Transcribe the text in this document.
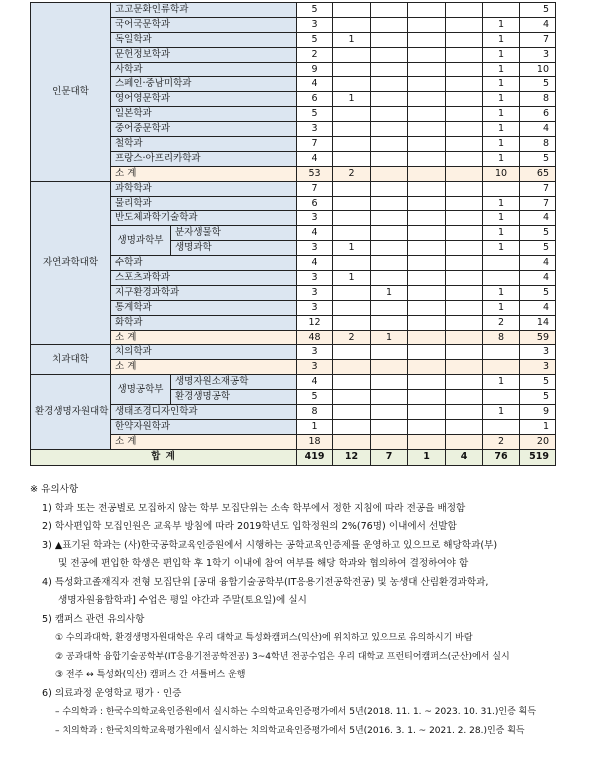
인문대학	고고문화인류학과		5						5
	국어국문학과		3					1	4
	독일학과		5	1				1	7
	문헌정보학과		2					1	3
	사학과		9					1	10
	스페인·중남미학과		4					1	5
	영어영문학과		6	1				1	8
	일본학과		5					1	6
	중어중문학과		3					1	4
	철학과		7					1	8
	프랑스·아프리카학과		4					1	5
	소 계		53	2				10	65
자연과학대학	과학학과		7						7
	물리학과		6					1	7
	반도체과학기술학과		3					1	4
	생명과학부	분자생물학	4					1	5
		생명과학	3	1				1	5
	수학과		4						4
	스포츠과학과		3	1					4
	지구환경과학과		3		1			1	5
	통계학과		3					1	4
	화학과		12					2	14
	소 계		48	2	1			8	59
치과대학	치의학과		3						3
	소 계		3						3
환경생명자원대학	생명공학부	생명자원소재공학	4					1	5
		환경생명공학	5						5
	생태조경디자인학과		8					1	9
	한약자원학과		1						1
	소 계		18					2	20
합 계			419	12	7	1	4	76	519
※ 유의사항
1) 학과 또는 전공별로 모집하지 않는 학부 모집단위는 소속 학부에서 정한 지침에 따라 전공을 배정함
2) 학사편입학 모집인원은 교육부 방침에 따라 2019학년도 입학정원의 2%(76명) 이내에서 선발함
3) ▲표기된 학과는 (사)한국공학교육인증원에서 시행하는 공학교육인증제를 운영하고 있으므로 해당학과(부)
및 전공에 편입한 학생은 편입학 후 1학기 이내에 참여 여부를 해당 학과와 협의하여 결정하여야 함
4) 특성화고졸재직자 전형 모집단위 [공대 융합기술공학부(IT응용기전공학전공) 및 농생대 산림환경과학과,
생명자원융합학과] 수업은 평일 야간과 주말(토요일)에 실시
5) 캠퍼스 관련 유의사항
① 수의과대학, 환경생명자원대학은 우리 대학교 특성화캠퍼스(익산)에 위치하고 있으므로 유의하시기 바람
② 공과대학 융합기술공학부(IT응용기전공학전공) 3~4학년 전공수업은 우리 대학교 프런티어캠퍼스(군산)에서 실시
③ 전주 ↔ 특성화(익산) 캠퍼스 간 셔틀버스 운행
6) 의료과정 운영학교 평가 · 인증
– 수의학과 : 한국수의학교육인증원에서 실시하는 수의학교육인증평가에서 5년(2018. 11. 1. ~ 2023. 10. 31.)인증 획득
– 치의학과 : 한국치의학교육평가원에서 실시하는 치의학교육인증평가에서 5년(2016. 3. 1. ~ 2021. 2. 28.)인증 획득
